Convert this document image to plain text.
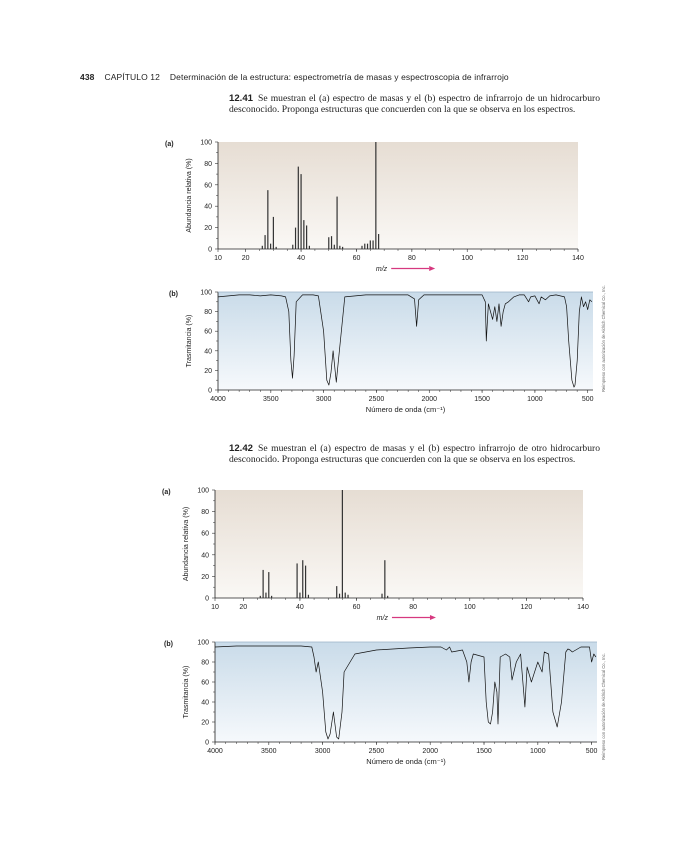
438 CAPÍTULO 12 Determinación de la estructura: espectrometría de masas y espectroscopia de infrarrojo
12.41 Se muestran el (a) espectro de masas y el (b) espectro de infrarrojo de un hidrocarburo desconocido. Proponga estructuras que concuerden con la que se observa en los espectros.
12.42 Se muestran el (a) espectro de masas y el (b) espectro infrarrojo de otro hidrocarburo desconocido. Proponga estructuras que concuerden con la que se observa en los espectros.
(a)
0
20
40
60
80
100
10	20	40	60	80	100	120	140
Abundancia relativa (%)
m/z
(b)
0
20
40
60
80
100
4000	3500	3000	2500	2000	1500	1000	500
Trasmitancia (%)
Número de onda (cm⁻¹)
(a)
0
20
40
60
80
100
10	20	40	60	80	100	120	140
Abundancia relativa (%)
m/z
(b)
0
20
40
60
80
100
4000	3500	3000	2500	2000	1500	1000	500
Trasmitancia (%)
Número de onda (cm⁻¹)
Reimpreso con autorización de Aldrich Chemical Co., Inc.
Reimpreso con autorización de Aldrich Chemical Co., Inc.
